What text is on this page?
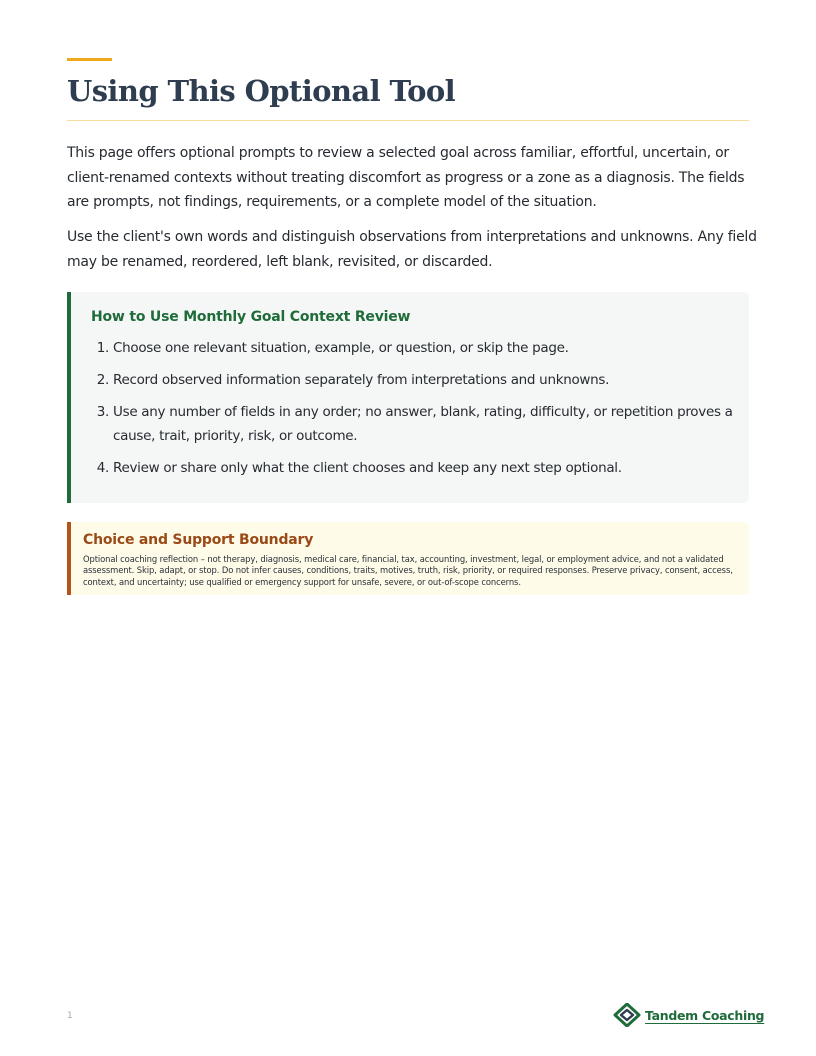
Using This Optional Tool

This page offers optional prompts to review a selected goal across familiar, effortful, uncertain, or client-renamed contexts without treating discomfort as progress or a zone as a diagnosis. The fields are prompts, not findings, requirements, or a complete model of the situation.

Use the client's own words and distinguish observations from interpretations and unknowns. Any field may be renamed, reordered, left blank, revisited, or discarded.

How to Use Monthly Goal Context Review
1. Choose one relevant situation, example, or question, or skip the page.
2. Record observed information separately from interpretations and unknowns.
3. Use any number of fields in any order; no answer, blank, rating, difficulty, or repetition proves a cause, trait, priority, risk, or outcome.
4. Review or share only what the client chooses and keep any next step optional.
Choice and Support Boundary

Optional coaching reflection – not therapy, diagnosis, medical care, financial, tax, accounting, investment, legal, or employment advice, and not a validated assessment. Skip, adapt, or stop. Do not infer causes, conditions, traits, motives, truth, risk, priority, or required responses. Preserve privacy, consent, access, context, and uncertainty; use qualified or emergency support for unsafe, severe, or out-of-scope concerns.

1	Tandem Coaching
